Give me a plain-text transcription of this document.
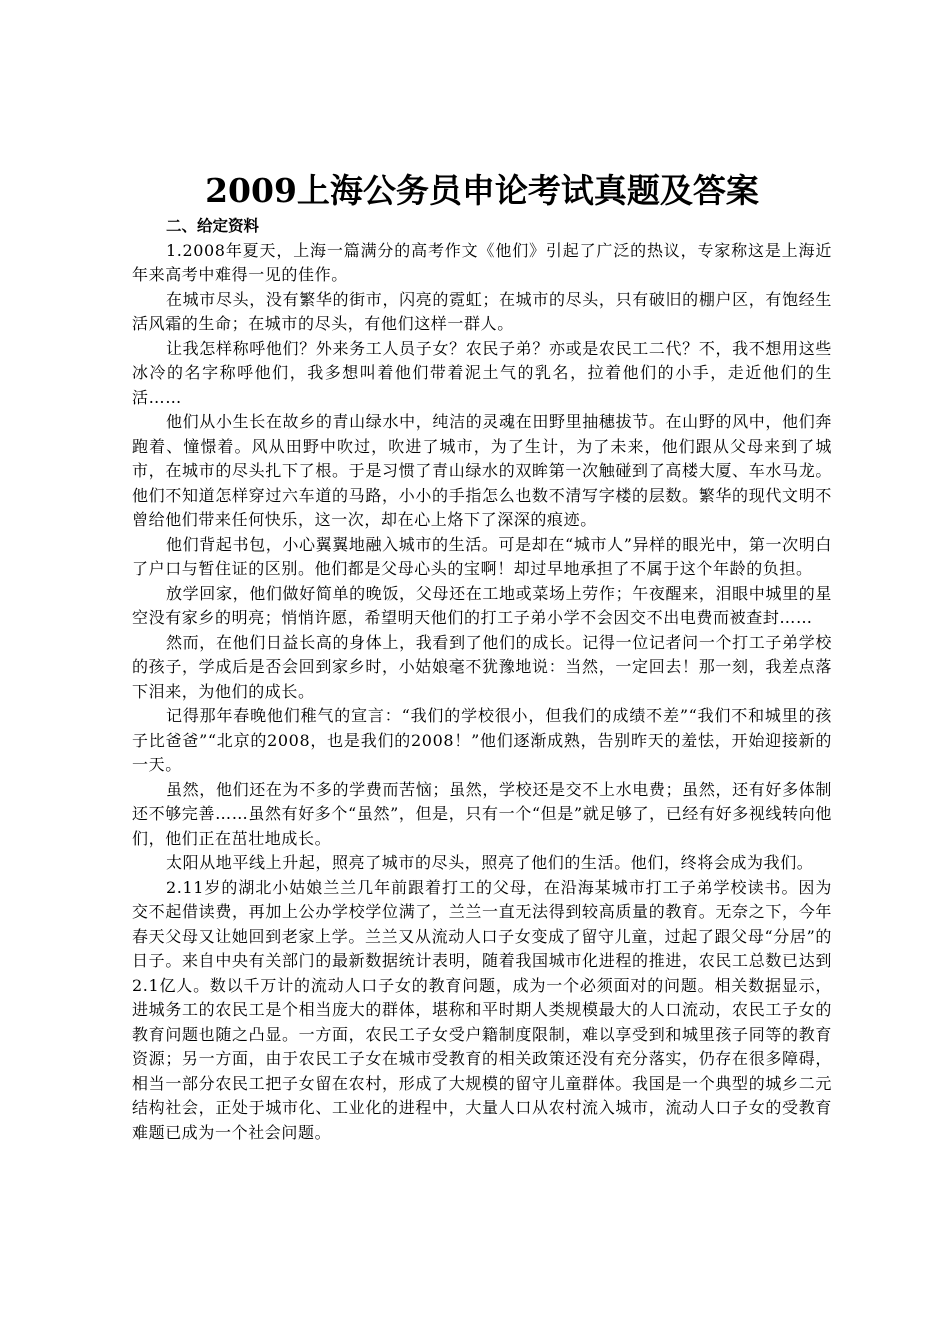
2009上海公务员申论考试真题及答案

二、给定资料

1.2008年夏天，上海一篇满分的高考作文《他们》引起了广泛的热议，专家称这是上海近年来高考中难得一见的佳作。

在城市尽头，没有繁华的街市，闪亮的霓虹；在城市的尽头，只有破旧的棚户区，有饱经生活风霜的生命；在城市的尽头，有他们这样一群人。

让我怎样称呼他们？外来务工人员子女？农民子弟？亦或是农民工二代？不，我不想用这些冰冷的名字称呼他们，我多想叫着他们带着泥土气的乳名，拉着他们的小手，走近他们的生活……

他们从小生长在故乡的青山绿水中，纯洁的灵魂在田野里抽穗拔节。在山野的风中，他们奔跑着、憧憬着。风从田野中吹过，吹进了城市，为了生计，为了未来，他们跟从父母来到了城市，在城市的尽头扎下了根。于是习惯了青山绿水的双眸第一次触碰到了高楼大厦、车水马龙。他们不知道怎样穿过六车道的马路，小小的手指怎么也数不清写字楼的层数。繁华的现代文明不曾给他们带来任何快乐，这一次，却在心上烙下了深深的痕迹。

他们背起书包，小心翼翼地融入城市的生活。可是却在“城市人”异样的眼光中，第一次明白了户口与暂住证的区别。他们都是父母心头的宝啊！却过早地承担了不属于这个年龄的负担。

放学回家，他们做好简单的晚饭，父母还在工地或菜场上劳作；午夜醒来，泪眼中城里的星空没有家乡的明亮；悄悄许愿，希望明天他们的打工子弟小学不会因交不出电费而被查封……

然而，在他们日益长高的身体上，我看到了他们的成长。记得一位记者问一个打工子弟学校的孩子，学成后是否会回到家乡时，小姑娘毫不犹豫地说：当然，一定回去！那一刻，我差点落下泪来，为他们的成长。

记得那年春晚他们稚气的宣言：“我们的学校很小，但我们的成绩不差”“我们不和城里的孩子比爸爸”“北京的2008，也是我们的2008！”他们逐渐成熟，告别昨天的羞怯，开始迎接新的一天。

虽然，他们还在为不多的学费而苦恼；虽然，学校还是交不上水电费；虽然，还有好多体制还不够完善……虽然有好多个“虽然”，但是，只有一个“但是”就足够了，已经有好多视线转向他们，他们正在茁壮地成长。

太阳从地平线上升起，照亮了城市的尽头，照亮了他们的生活。他们，终将会成为我们。

2.11岁的湖北小姑娘兰兰几年前跟着打工的父母，在沿海某城市打工子弟学校读书。因为交不起借读费，再加上公办学校学位满了，兰兰一直无法得到较高质量的教育。无奈之下，今年春天父母又让她回到老家上学。兰兰又从流动人口子女变成了留守儿童，过起了跟父母“分居”的日子。来自中央有关部门的最新数据统计表明，随着我国城市化进程的推进，农民工总数已达到2.1亿人。数以千万计的流动人口子女的教育问题，成为一个必须面对的问题。相关数据显示，进城务工的农民工是个相当庞大的群体，堪称和平时期人类规模最大的人口流动，农民工子女的教育问题也随之凸显。一方面，农民工子女受户籍制度限制，难以享受到和城里孩子同等的教育资源；另一方面，由于农民工子女在城市受教育的相关政策还没有充分落实，仍存在很多障碍，相当一部分农民工把子女留在农村，形成了大规模的留守儿童群体。我国是一个典型的城乡二元结构社会，正处于城市化、工业化的进程中，大量人口从农村流入城市，流动人口子女的受教育难题已成为一个社会问题。
